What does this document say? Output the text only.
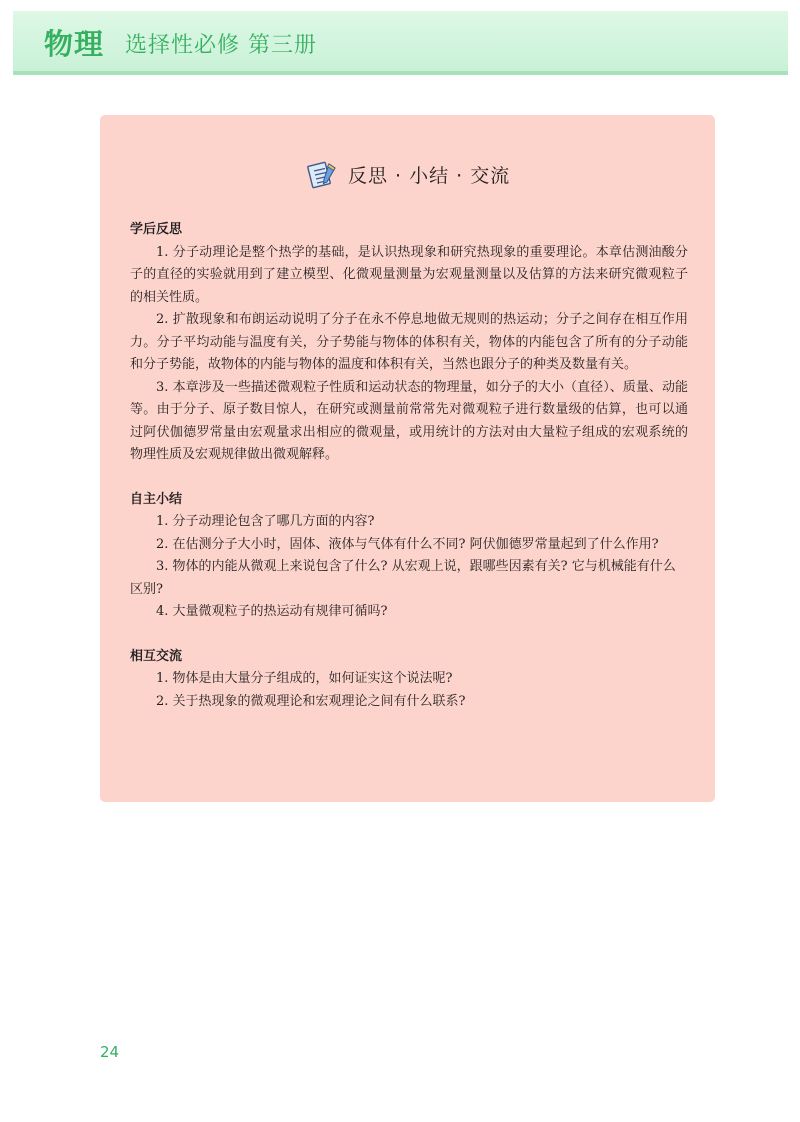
物理 选择性必修 第三册
反思 · 小结 · 交流
学后反思

1. 分子动理论是整个热学的基础，是认识热现象和研究热现象的重要理论。本章估测油酸分子的直径的实验就用到了建立模型、化微观量测量为宏观量测量以及估算的方法来研究微观粒子的相关性质。

2. 扩散现象和布朗运动说明了分子在永不停息地做无规则的热运动；分子之间存在相互作用力。分子平均动能与温度有关，分子势能与物体的体积有关，物体的内能包含了所有的分子动能和分子势能，故物体的内能与物体的温度和体积有关，当然也跟分子的种类及数量有关。

3. 本章涉及一些描述微观粒子性质和运动状态的物理量，如分子的大小（直径）、质量、动能等。由于分子、原子数目惊人，在研究或测量前常常先对微观粒子进行数量级的估算，也可以通过阿伏伽德罗常量由宏观量求出相应的微观量，或用统计的方法对由大量粒子组成的宏观系统的物理性质及宏观规律做出微观解释。

自主小结

1. 分子动理论包含了哪几方面的内容?

2. 在估测分子大小时，固体、液体与气体有什么不同? 阿伏伽德罗常量起到了什么作用?

3. 物体的内能从微观上来说包含了什么? 从宏观上说，跟哪些因素有关? 它与机械能有什么区别?

4. 大量微观粒子的热运动有规律可循吗?

相互交流

1. 物体是由大量分子组成的，如何证实这个说法呢?

2. 关于热现象的微观理论和宏观理论之间有什么联系?

24
